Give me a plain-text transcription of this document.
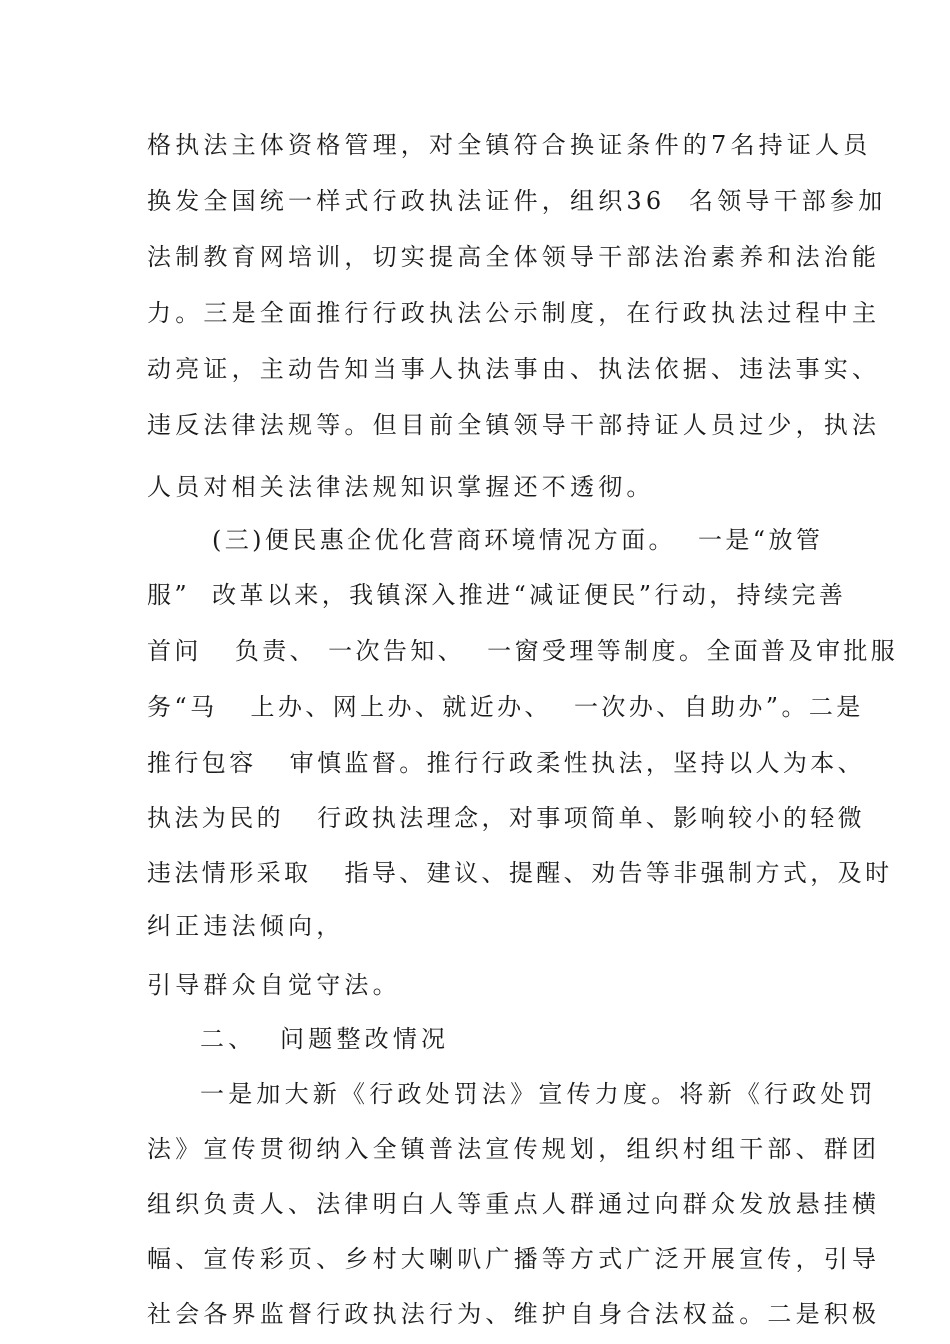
格执法主体资格管理，对全镇符合换证条件的7名持证人员
换发全国统一样式行政执法证件，组织36  名领导干部参加
法制教育网培训，切实提高全体领导干部法治素养和法治能
力。三是全面推行行政执法公示制度，在行政执法过程中主
动亮证，主动告知当事人执法事由、执法依据、违法事实、
违反法律法规等。但目前全镇领导干部持证人员过少，执法
人员对相关法律法规知识掌握还不透彻。
(三)便民惠企优化营商环境情况方面。  一是“放管
服”  改革以来，我镇深入推进“减证便民”行动，持续完善
首问   负责、 一次告知、  一窗受理等制度。全面普及审批服
务“马   上办、网上办、就近办、  一次办、自助办”。二是
推行包容   审慎监督。推行行政柔性执法，坚持以人为本、
执法为民的   行政执法理念，对事项简单、影响较小的轻微
违法情形采取   指导、建议、提醒、劝告等非强制方式，及时
纠正违法倾向，
引导群众自觉守法。
二、  问题整改情况
一是加大新《行政处罚法》宣传力度。将新《行政处罚
法》宣传贯彻纳入全镇普法宣传规划，组织村组干部、群团
组织负责人、法律明白人等重点人群通过向群众发放悬挂横
幅、宣传彩页、乡村大喇叭广播等方式广泛开展宣传，引导
社会各界监督行政执法行为、维护自身合法权益。二是积极
